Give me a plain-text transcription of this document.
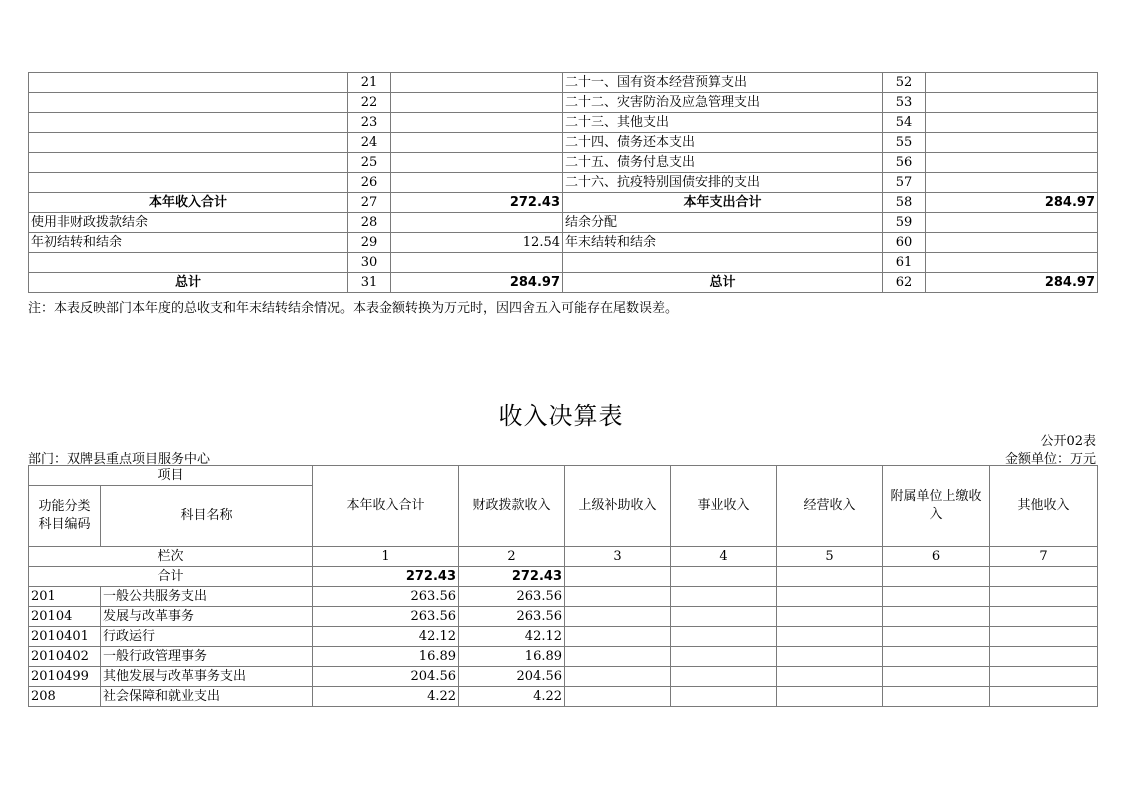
	21		二十一、国有资本经营预算支出	52	
	22		二十二、灾害防治及应急管理支出	53	
	23		二十三、其他支出	54	
	24		二十四、债务还本支出	55	
	25		二十五、债务付息支出	56	
	26		二十六、抗疫特别国债安排的支出	57	
本年收入合计	27	272.43	本年支出合计	58	284.97
使用非财政拨款结余	28		结余分配	59	
年初结转和结余	29	12.54	年末结转和结余	60	
	30			61	
总计	31	284.97	总计	62	284.97
注：本表反映部门本年度的总收支和年末结转结余情况。本表金额转换为万元时，因四舍五入可能存在尾数误差。
收入决算表
公开02表
部门：双牌县重点项目服务中心	金额单位：万元
项目		本年收入合计	财政拨款收入	上级补助收入	事业收入	经营收入	附属单位上缴收入	其他收入
功能分类科目编码	科目名称							
栏次		1	2	3	4	5	6	7
合计		272.43	272.43					
201	一般公共服务支出	263.56	263.56					
20104	发展与改革事务	263.56	263.56					
2010401	行政运行	42.12	42.12					
2010402	一般行政管理事务	16.89	16.89					
2010499	其他发展与改革事务支出	204.56	204.56					
208	社会保障和就业支出	4.22	4.22					
